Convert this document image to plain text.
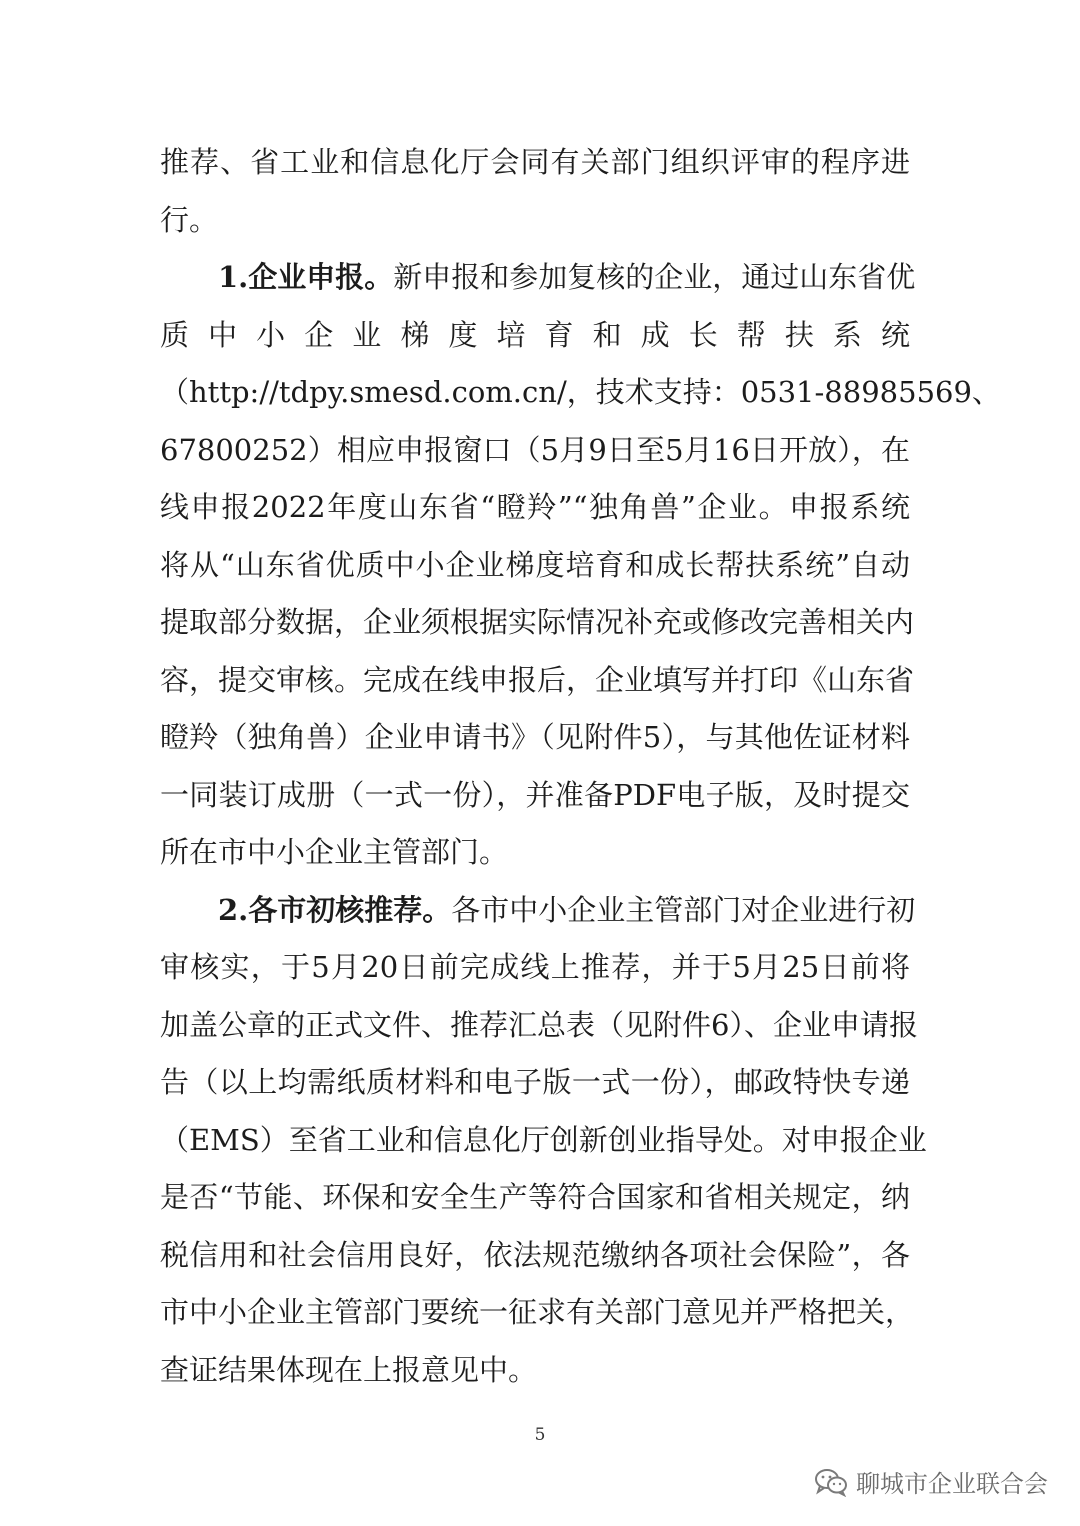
推荐、省工业和信息化厅会同有关部门组织评审的程序进
行。
1.企业申报。新申报和参加复核的企业，通过山东省优
质中小企业梯度培育和成长帮扶系统
（http://tdpy.smesd.com.cn/，技术支持：0531-88985569、
67800252）相应申报窗口（5月9日至5月16日开放），在
线申报2022年度山东省“瞪羚”“独角兽”企业。申报系统
将从“山东省优质中小企业梯度培育和成长帮扶系统”自动
提取部分数据，企业须根据实际情况补充或修改完善相关内
容，提交审核。完成在线申报后，企业填写并打印《山东省
瞪羚（独角兽）企业申请书》（见附件5），与其他佐证材料
一同装订成册（一式一份），并准备PDF电子版，及时提交
所在市中小企业主管部门。
2.各市初核推荐。各市中小企业主管部门对企业进行初
审核实，于5月20日前完成线上推荐，并于5月25日前将
加盖公章的正式文件、推荐汇总表（见附件6）、企业申请报
告（以上均需纸质材料和电子版一式一份），邮政特快专递
（EMS）至省工业和信息化厅创新创业指导处。对申报企业
是否“节能、环保和安全生产等符合国家和省相关规定，纳
税信用和社会信用良好，依法规范缴纳各项社会保险”，各
市中小企业主管部门要统一征求有关部门意见并严格把关，
查证结果体现在上报意见中。
5
聊城市企业联合会
